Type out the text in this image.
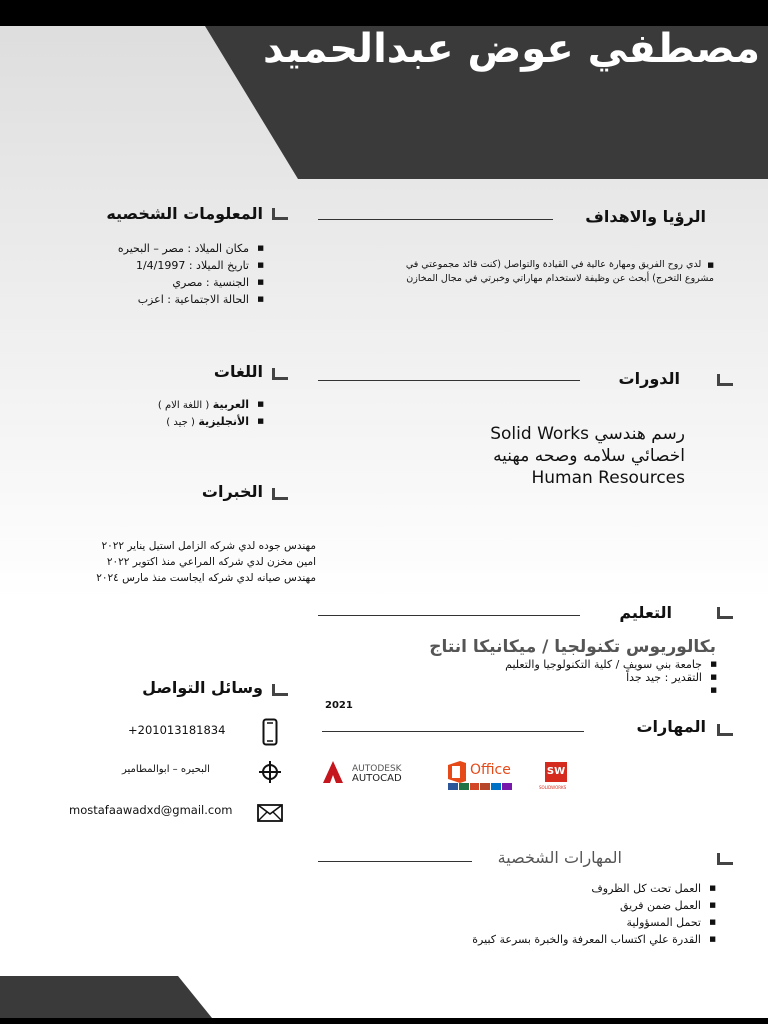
مصطفي عوض عبدالحميد
المعلومات الشخصيه
■ مكان الميلاد : مصر – البحيره
■ تاريخ الميلاد : 1/4/1997
■ الجنسية : مصري
■ الحالة الاجتماعية : اعزب
اللغات
■ العربية ( اللغة الام )
■ الأنجليزية ( جيد )
الخبرات
مهندس جوده لدي شركه الزامل استيل يناير ٢٠٢٢
امين مخزن لدي شركه المراعي منذ اكتوبر ٢٠٢٢
مهندس صيانه لدي شركه ايجاست منذ مارس ٢٠٢٤
وسائل التواصل
+201013181834
البحيره – ابوالمطامير
mostafaawadxd@gmail.com
الرؤيا والاهداف
■  لدي روح الفريق ومهارة عالية في القيادة والتواصل (كنت قائد مجموعتي في مشروع التخرج) أبحث عن وظيفة لاستخدام مهاراتي وخبرتي في مجال المخازن
الدورات
رسم هندسي Solid Works
اخصائي سلامه وصحه مهنيه
Human Resources
التعليم
بكالوريوس تكنولجيا / ميكانيكا انتاج
■ جامعة بني سويف / كلية التكنولوجيا والتعليم
■ التقدير : جيد جداً
2021
المهارات
AUTODESK
AUTOCAD
Office	SW
SOLIDWORKS
المهارات الشخصية
■ العمل تحت كل الظروف
■ العمل ضمن فريق
■ تحمل المسؤولية
■ القدرة علي اكتساب المعرفة والخبرة بسرعة كبيرة
